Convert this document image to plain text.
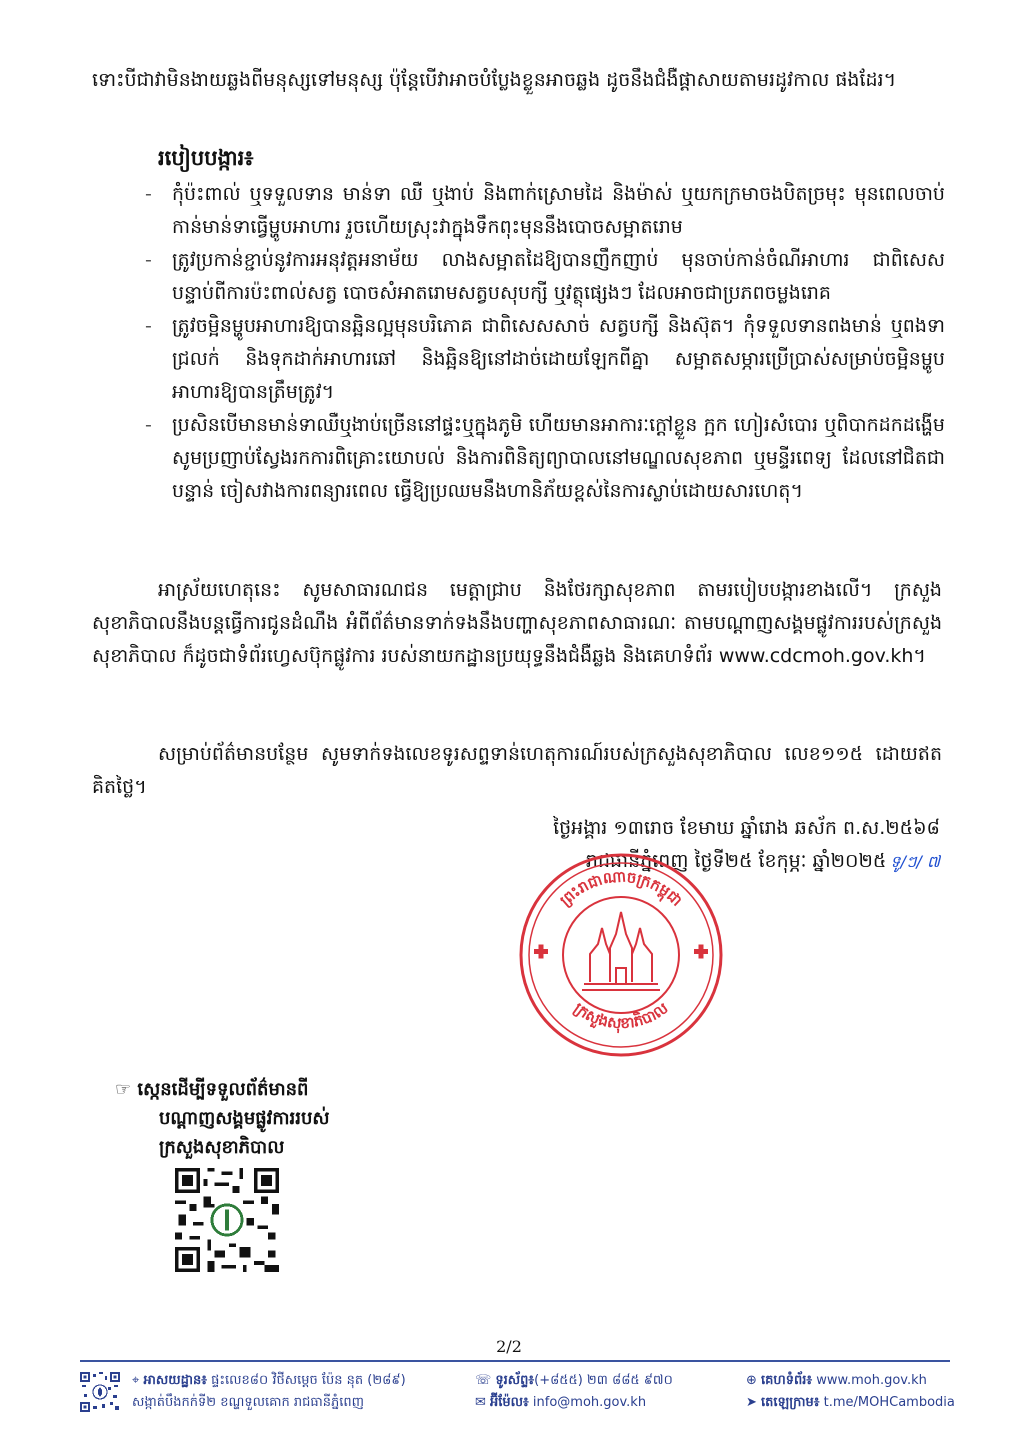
ទោះបីជាវាមិនងាយឆ្លងពីមនុស្សទៅមនុស្ស ប៉ុន្តែបើវាអាចបំប្លែងខ្លួនអាចឆ្លង ដូចនឹងជំងឺផ្តាសាយតាមរដូវកាល ផងដែរ។

របៀបបង្ការ៖
- កុំប៉ះពាល់ ឬទទួលទាន មាន់ទា ឈឺ ឬងាប់ និងពាក់ស្រោមដៃ និងម៉ាស់ ឬយកក្រមាចងបិតច្រមុះ មុនពេលចាប់កាន់មាន់ទាធ្វើម្ហូបអាហារ រួចហើយស្រុះវាក្នុងទឹកពុះមុននឹងបោចសម្អាតរោម
- ត្រូវប្រកាន់ខ្ជាប់នូវការអនុវត្តអនាម័យ លាងសម្អាតដៃឱ្យបានញឹកញាប់ មុនចាប់កាន់ចំណីអាហារ ជាពិសេសបន្ទាប់ពីការប៉ះពាល់សត្វ បោចសំអាតរោមសត្វបសុបក្សី ឬវត្ថុផ្សេងៗ ដែលអាចជាប្រភពចម្លងរោគ
- ត្រូវចម្អិនម្ហូបអាហារឱ្យបានឆ្អិនល្អមុនបរិភោគ ជាពិសេសសាច់ សត្វបក្សី និងស៊ុត។ កុំទទួលទានពងមាន់ ឬពងទាជ្រលក់ និងទុកដាក់អាហារឆៅ និងឆ្អិនឱ្យនៅដាច់ដោយឡែកពីគ្នា សម្អាតសម្ភារប្រើប្រាស់សម្រាប់ចម្អិនម្ហូបអាហារឱ្យបានត្រឹមត្រូវ។
- ប្រសិនបើមានមាន់ទាឈឺឬងាប់ច្រើននៅផ្ទះឬក្នុងភូមិ ហើយមានអាការៈក្តៅខ្លួន ក្អក ហៀរសំបោរ ឬពិបាកដកដង្ហើម សូមប្រញាប់ស្វែងរកការពិគ្រោះយោបល់ និងការពិនិត្យព្យាបាលនៅមណ្ឌលសុខភាព ឬមន្ទីរពេទ្យ ដែលនៅជិតជាបន្ទាន់ ចៀសវាងការពន្យារពេល ធ្វើឱ្យប្រឈមនឹងហានិភ័យខ្ពស់នៃការស្លាប់ដោយសារហេតុ។

អាស្រ័យហេតុនេះ សូមសាធារណជន មេត្តាជ្រាប និងថែរក្សាសុខភាព តាមរបៀបបង្ការខាងលើ។ ក្រសួងសុខាភិបាលនឹងបន្តធ្វើការជូនដំណឹង អំពីព័ត៌មានទាក់ទងនឹងបញ្ហាសុខភាពសាធារណៈ តាមបណ្តាញសង្គមផ្លូវការរបស់ក្រសួងសុខាភិបាល ក៏ដូចជាទំព័រហ្វេសប៊ុកផ្លូវការ របស់នាយកដ្ឋានប្រយុទ្ធនឹងជំងឺឆ្លង និងគេហទំព័រ www.cdcmoh.gov.kh។

សម្រាប់ព័ត៌មានបន្ថែម សូមទាក់ទងលេខទូរសព្ទទាន់ហេតុការណ៍របស់ក្រសួងសុខាភិបាល លេខ១១៥ ដោយឥតគិតថ្លៃ។

ថ្ងៃអង្គារ ១៣រោច ខែមាឃ ឆ្នាំរោង ឆស័ក ព.ស.២៥៦៨
រាជធានីភ្នំពេញ ថ្ងៃទី២៥ ខែកុម្ភៈ ឆ្នាំ២០២៥ ទូ/ៗ/ ៧
ព្រះរាជាណាចក្រកម្ពុជា
ក្រសួងសុខាភិបាល
☞ ស្កេនដើម្បីទទួលព័ត៌មានពី
បណ្តាញសង្គមផ្លូវការរបស់
ក្រសួងសុខាភិបាល
2/2
⌖ អាសយដ្ឋាន៖ ផ្ទះលេខ៨០ វិថីសម្តេច ប៉ែន នុត (២៨៩)
សង្កាត់បឹងកក់ទី២ ខណ្ឌទួលគោក រាជធានីភ្នំពេញ
☏ ទូរស័ព្ទ៖(+៨៥៥) ២៣ ៨៨៥ ៩៧០
✉ អ៊ីម៉ែល៖ info@moh.gov.kh
⊕ គេហទំព័រ៖ www.moh.gov.kh
➤ តេឡេក្រាម៖ t.me/MOHCambodia
